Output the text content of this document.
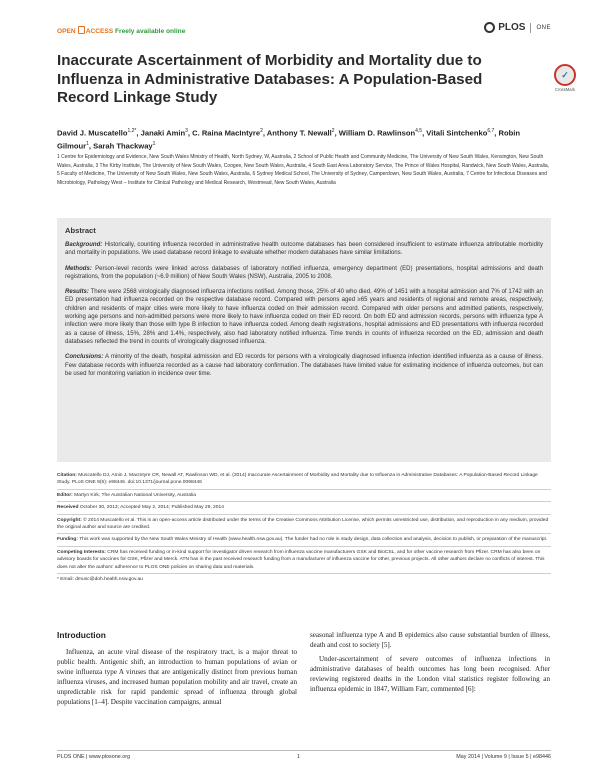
OPEN ACCESS Freely available online	PLOS ONE
Inaccurate Ascertainment of Morbidity and Mortality due to Influenza in Administrative Databases: A Population-Based Record Linkage Study
✓
CrossMark
David J. Muscatello$^{1,2*}$, Janaki Amin$^3$, C. Raina MacIntyre$^2$, Anthony T. Newall$^2$, William D. Rawlinson$^{4,5}$, Vitali Sintchenko$^{6,7}$, Robin Gilmour$^1$, Sarah Thackway$^1$
1 Centre for Epidemiology and Evidence, New South Wales Ministry of Health, North Sydney, W, Australia, 2 School of Public Health and Community Medicine, The University of New South Wales, Kensington, New South Wales, Australia, 3 The Kirby Institute, The University of New South Wales, Coogee, New South Wales, Australia, 4 South East Area Laboratory Service, The Prince of Wales Hospital, Randwick, New South Wales, Australia, 5 Faculty of Medicine, The University of New South Wales, New South Wales, Australia, 6 Sydney Medical School, The University of Sydney, Camperdown, New South Wales, Australia, 7 Centre for Infectious Diseases and Microbiology, Pathology West – Institute for Clinical Pathology and Medical Research, Westmead, New South Wales, Australia
Abstract

Background: Historically, counting influenza recorded in administrative health outcome databases has been considered insufficient to estimate influenza attributable morbidity and mortality in populations. We used database record linkage to evaluate whether modern databases have similar limitations.

Methods: Person-level records were linked across databases of laboratory notified influenza, emergency department (ED) presentations, hospital admissions and death registrations, from the population (~6.9 million) of New South Wales (NSW), Australia, 2005 to 2008.

Results: There were 2568 virologically diagnosed influenza infections notified. Among those, 25% of 40 who died, 49% of 1451 with a hospital admission and 7% of 1742 with an ED presentation had influenza recorded on the respective database record. Compared with persons aged ≥65 years and residents of regional and remote areas, respectively, children and residents of major cities were more likely to have influenza coded on their admission record. Compared with older persons and admitted patients, respectively, working age persons and non-admitted persons were more likely to have influenza coded on their ED record. On both ED and admission records, persons with influenza type A infection were more likely than those with type B infection to have influenza coded. Among death registrations, hospital admissions and ED presentations with influenza recorded as a cause of illness, 15%, 28% and 1.4%, respectively, also had laboratory notified influenza. Time trends in counts of influenza recorded on the ED, admission and death databases reflected the trend in counts of virologically diagnosed influenza.

Conclusions: A minority of the death, hospital admission and ED records for persons with a virologically diagnosed influenza infection identified influenza as a cause of illness. Few database records with influenza recorded as a cause had laboratory confirmation. The databases have limited value for estimating incidence of influenza outcomes, but can be used for monitoring variation in incidence over time.

Citation: Muscatello DJ, Amin J, MacIntyre CR, Newall AT, Rawlinson WD, et al. (2014) Inaccurate Ascertainment of Morbidity and Mortality due to Influenza in Administrative Databases: A Population-Based Record Linkage Study. PLoS ONE 9(5): e98446. doi:10.1371/journal.pone.0098446
Editor: Martyn Kirk, The Australian National University, Australia
Received October 30, 2013; Accepted May 2, 2014; Published May 29, 2014
Copyright: © 2014 Muscatello et al. This is an open-access article distributed under the terms of the Creative Commons Attribution License, which permits unrestricted use, distribution, and reproduction in any medium, provided the original author and source are credited.
Funding: This work was supported by the New South Wales Ministry of Health (www.health.nsw.gov.au). The funder had no role in study design, data collection and analysis, decision to publish, or preparation of the manuscript.
Competing Interests: CRM has received funding or in-kind support for investigator driven research from influenza vaccine manufacturers GSK and BioCSL, and for other vaccine research from Pfizer. CRM has also been on advisory boards for vaccines for GSK, Pfizer and Merck. ATN has in the past received research funding from a manufacturer of influenza vaccine for other, previous projects. All other authors declare no conflicts of interest. This does not alter the authors' adherence to PLOS ONE policies on sharing data and materials.
* Email: dmusc@doh.health.nsw.gov.au
Introduction

Influenza, an acute viral disease of the respiratory tract, is a major threat to public health. Antigenic shift, an introduction to human populations of avian or swine influenza type A viruses that are antigenically distinct from previous human influenza viruses, and increased human population mobility and air travel, create an unpredictable risk for rapid pandemic spread of influenza through global populations [1–4]. Despite vaccination campaigns, annual

seasonal influenza type A and B epidemics also cause substantial burden of illness, death and cost to society [5].

Under-ascertainment of severe outcomes of influenza infections in administrative databases of health outcomes has long been recognised. After reviewing registered deaths in the London vital statistics register following an influenza epidemic in 1847, William Farr, commented [6]:

PLOS ONE | www.plosone.org	1	May 2014 | Volume 9 | Issue 5 | e98446
